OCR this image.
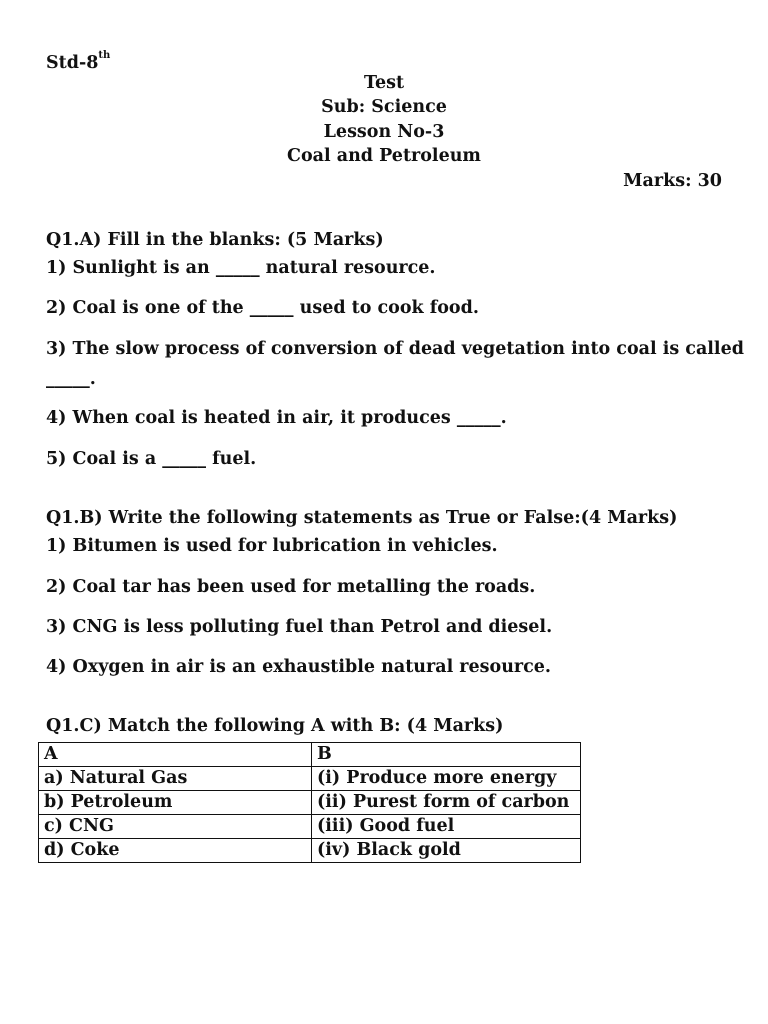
Std-8th
Test
Sub: Science
Lesson No-3
Coal and Petroleum
Marks: 30
Q1.A) Fill in the blanks: (5 Marks)
1) Sunlight is an _____ natural resource.
2) Coal is one of the _____ used to cook food.
3) The slow process of conversion of dead vegetation into coal is called
_____.
4) When coal is heated in air, it produces _____.
5) Coal is a _____ fuel.
Q1.B) Write the following statements as True or False:(4 Marks)
1) Bitumen is used for lubrication in vehicles.
2) Coal tar has been used for metalling the roads.
3) CNG is less polluting fuel than Petrol and diesel.
4) Oxygen in air is an exhaustible natural resource.
Q1.C) Match the following A with B: (4 Marks)
A	B
a) Natural Gas	(i) Produce more energy
b) Petroleum	(ii) Purest form of carbon
c) CNG	(iii) Good fuel
d) Coke	(iv) Black gold
